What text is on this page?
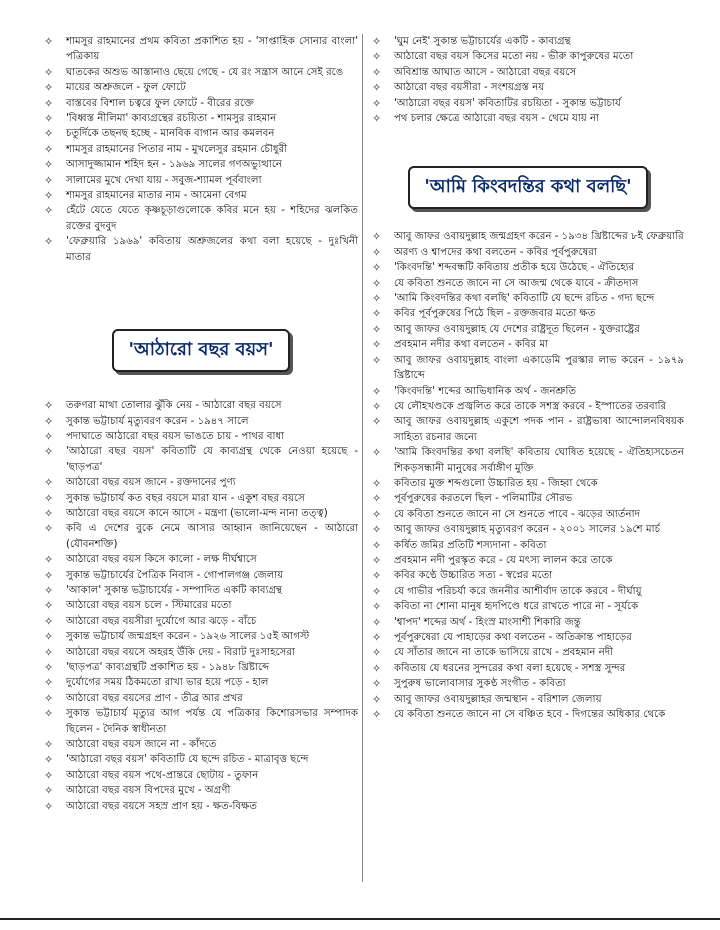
✧ শামসুর রাহমানের প্রথম কবিতা প্রকাশিত হয় - 'সাপ্তাহিক সোনার বাংলা' পত্রিকায়
✧ ঘাতকের অশুভ আস্তানাও ছেয়ে গেছে - যে রং সন্ত্রাস আনে সেই রঙে
✧ মায়ের অশ্রুজলে - ফুল ফোটে
✧ বাস্তবের বিশাল চত্বরে ফুল ফোটে - বীরের রক্তে
✧ 'বিধ্বস্ত নীলিমা' কাব্যগ্রন্থের রচয়িতা - শামসুর রাহমান
✧ চতুর্দিকে তছনছ হচ্ছে - মানবিক বাগান আর কমলবন
✧ শামসুর রাহমানের পিতার নাম - মুখলেসুর রহমান চৌধুরী
✧ আসাদুজ্জামান শহিদ হন - ১৯৬৯ সালের গণঅভ্যুত্থানে
✧ সালামের মুখে দেখা যায় - সবুজ-শ্যামল পূর্ববাংলা
✧ শামসুর রাহমানের মাতার নাম - আমেনা বেগম
✧ হেঁটে যেতে যেতে কৃষ্ণচূড়াগুলোকে কবির মনে হয় - শহিদের ঝলকিত রক্তের বুদবুদ
✧ 'ফেব্রুয়ারি ১৯৬৯' কবিতায় অশ্রুজলের কথা বলা হয়েছে - দুঃখিনী মাতার
'আঠারো বছর বয়স'
✧ তরুণরা মাথা তোলার ঝুঁকি নেয় - আঠারো বছর বয়সে
✧ সুকান্ত ভট্টাচার্য মৃত্যুবরণ করেন - ১৯৪৭ সালে
✧ পদাঘাতে আঠারো বছর বয়স ভাঙতে চায় - পাথর বাধা
✧ 'আঠারো বছর বয়স' কবিতাটি যে কাব্যগ্রন্থ থেকে নেওয়া হয়েছে - 'ছাড়পত্র'
✧ আঠারো বছর বয়স জানে - রক্তদানের পুণ্য
✧ সুকান্ত ভট্টাচার্য কত বছর বয়সে মারা যান - একুশ বছর বয়সে
✧ আঠারো বছর বয়সে কানে আসে - মন্ত্রণা (ভালো-মন্দ নানা তত্ত্ব)
✧ কবি এ দেশের বুকে নেমে আসার আহ্বান জানিয়েছেন - আঠারো (যৌবনশক্তি)
✧ আঠারো বছর বয়স কিসে কালো - লক্ষ দীর্ঘশ্বাসে
✧ সুকান্ত ভট্টাচার্যের পৈত্রিক নিবাস - গোপালগঞ্জ জেলায়
✧ 'আকাল' সুকান্ত ভট্টাচার্যের - সম্পাদিত একটি কাব্যগ্রন্থ
✧ আঠারো বছর বয়স চলে - স্টিমারের মতো
✧ আঠারো বছর বয়সীরা দুর্যোগে আর ঝড়ে - বাঁচে
✧ সুকান্ত ভট্টাচার্য জন্মগ্রহণ করেন - ১৯২৬ সালের ১৫ই আগস্ট
✧ আঠারো বছর বয়সে অহরহ উঁকি দেয় - বিরাট দুঃসাহসেরা
✧ 'ছাড়পত্র' কাব্যগ্রন্থটি প্রকাশিত হয় - ১৯৪৮ খ্রিষ্টাব্দে
✧ দুর্যোগের সময় ঠিকমতো রাখা ভার হয়ে পড়ে - হাল
✧ আঠারো বছর বয়সের প্রাণ - তীব্র আর প্রখর
✧ সুকান্ত ভট্টাচার্য মৃত্যুর আগ পর্যন্ত যে পত্রিকার কিশোরসভার সম্পাদক ছিলেন - দৈনিক স্বাধীনতা
✧ আঠারো বছর বয়স জানে না - কাঁদতে
✧ 'আঠারো বছর বয়স' কবিতাটি যে ছন্দে রচিত - মাত্রাবৃত্ত ছন্দে
✧ আঠারো বছর বয়স পথে-প্রান্তরে ছোটায় - তুফান
✧ আঠারো বছর বয়স বিপদের মুখে - অগ্রণী
✧ আঠারো বছর বয়সে সহস্র প্রাণ হয় - ক্ষত-বিক্ষত
✧ 'ঘুম নেই' সুকান্ত ভট্টাচার্যের একটি - কাব্যগ্রন্থ
✧ আঠারো বছর বয়স কিসের মতো নয় - ভীরু কাপুরুষের মতো
✧ অবিশ্রান্ত আঘাত আসে - আঠারো বছর বয়সে
✧ আঠারো বছর বয়সীরা - সংশয়গ্রস্ত নয়
✧ 'আঠারো বছর বয়স' কবিতাটির রচয়িতা - সুকান্ত ভট্টাচার্য
✧ পথ চলার ক্ষেত্রে আঠারো বছর বয়স - থেমে যায় না
'আমি কিংবদন্তির কথা বলছি'
✧ আবু জাফর ওবায়দুল্লাহ জন্মগ্রহণ করেন - ১৯৩৪ খ্রিষ্টাব্দের ৮ই ফেব্রুয়ারি
✧ অরণ্য ও শ্বাপদের কথা বলতেন - কবির পূর্বপুরুষেরা
✧ 'কিংবদন্তি' শব্দবন্ধটি কবিতায় প্রতীক হয়ে উঠেছে - ঐতিহ্যের
✧ যে কবিতা শুনতে জানে না সে আজন্ম থেকে যাবে - ক্রীতদাস
✧ 'আমি কিংবদন্তির কথা বলছি' কবিতাটি যে ছন্দে রচিত - গদ্য ছন্দে
✧ কবির পূর্বপুরুষের পিঠে ছিল - রক্তজবার মতো ক্ষত
✧ আবু জাফর ওবায়দুল্লাহ যে দেশের রাষ্ট্রদূত ছিলেন - যুক্তরাষ্ট্রের
✧ প্রবহমান নদীর কথা বলতেন - কবির মা
✧ আবু জাফর ওবায়দুল্লাহ বাংলা একাডেমি পুরস্কার লাভ করেন - ১৯৭৯ খ্রিষ্টাব্দে
✧ 'কিংবদন্তি' শব্দের আভিধানিক অর্থ - জনশ্রুতি
✧ যে লৌহখণ্ডকে প্রজ্বলিত করে তাকে সশস্ত্র করবে - ইস্পাতের তরবারি
✧ আবু জাফর ওবায়দুল্লাহ একুশে পদক পান - রাষ্ট্রভাষা আন্দোলনবিষয়ক সাহিত্য রচনার জন্যে
✧ 'আমি কিংবদন্তির কথা বলছি' কবিতায় ঘোষিত হয়েছে - ঐতিহ্যসচেতন শিকড়সন্ধানী মানুষের সর্বাঙ্গীণ মুক্তি
✧ কবিতার মুক্ত শব্দগুলো উচ্চারিত হয় - জিহ্বা থেকে
✧ পূর্বপুরুষের করতলে ছিল - পলিমাটির সৌরভ
✧ যে কবিতা শুনতে জানে না সে শুনতে পাবে - ঝড়ের আর্তনাদ
✧ আবু জাফর ওবায়দুল্লাহ মৃত্যুবরণ করেন - ২০০১ সালের ১৯শে মার্চ
✧ কর্ষিত জমির প্রতিটি শস্যদানা - কবিতা
✧ প্রবহমান নদী পুরস্কৃত করে - যে মৎস্য লালন করে তাকে
✧ কবির কণ্ঠে উচ্চারিত সত্য - স্বপ্নের মতো
✧ যে গাভীর পরিচর্যা করে জননীর আশীর্বাদ তাকে করবে - দীর্ঘায়ু
✧ কবিতা না শোনা মানুষ হৃদপিণ্ডে ধরে রাখতে পারে না - সূর্যকে
✧ 'শ্বাপদ' শব্দের অর্থ - হিংস্র মাংসাশী শিকারি জন্তু
✧ পূর্বপুরুষেরা যে পাহাড়ের কথা বলতেন - অতিক্রান্ত পাহাড়ের
✧ যে সাঁতার জানে না তাকে ভাসিয়ে রাখে - প্রবহমান নদী
✧ কবিতায় যে ধরনের সুন্দরের কথা বলা হয়েছে - সশস্ত্র সুন্দর
✧ সুপুরুষ ভালোবাসার সুকণ্ঠ সংগীত - কবিতা
✧ আবু জাফর ওবায়দুল্লাহর জন্মস্থান - বরিশাল জেলায়
✧ যে কবিতা শুনতে জানে না সে বঞ্চিত হবে - দিগন্তের অধিকার থেকে
